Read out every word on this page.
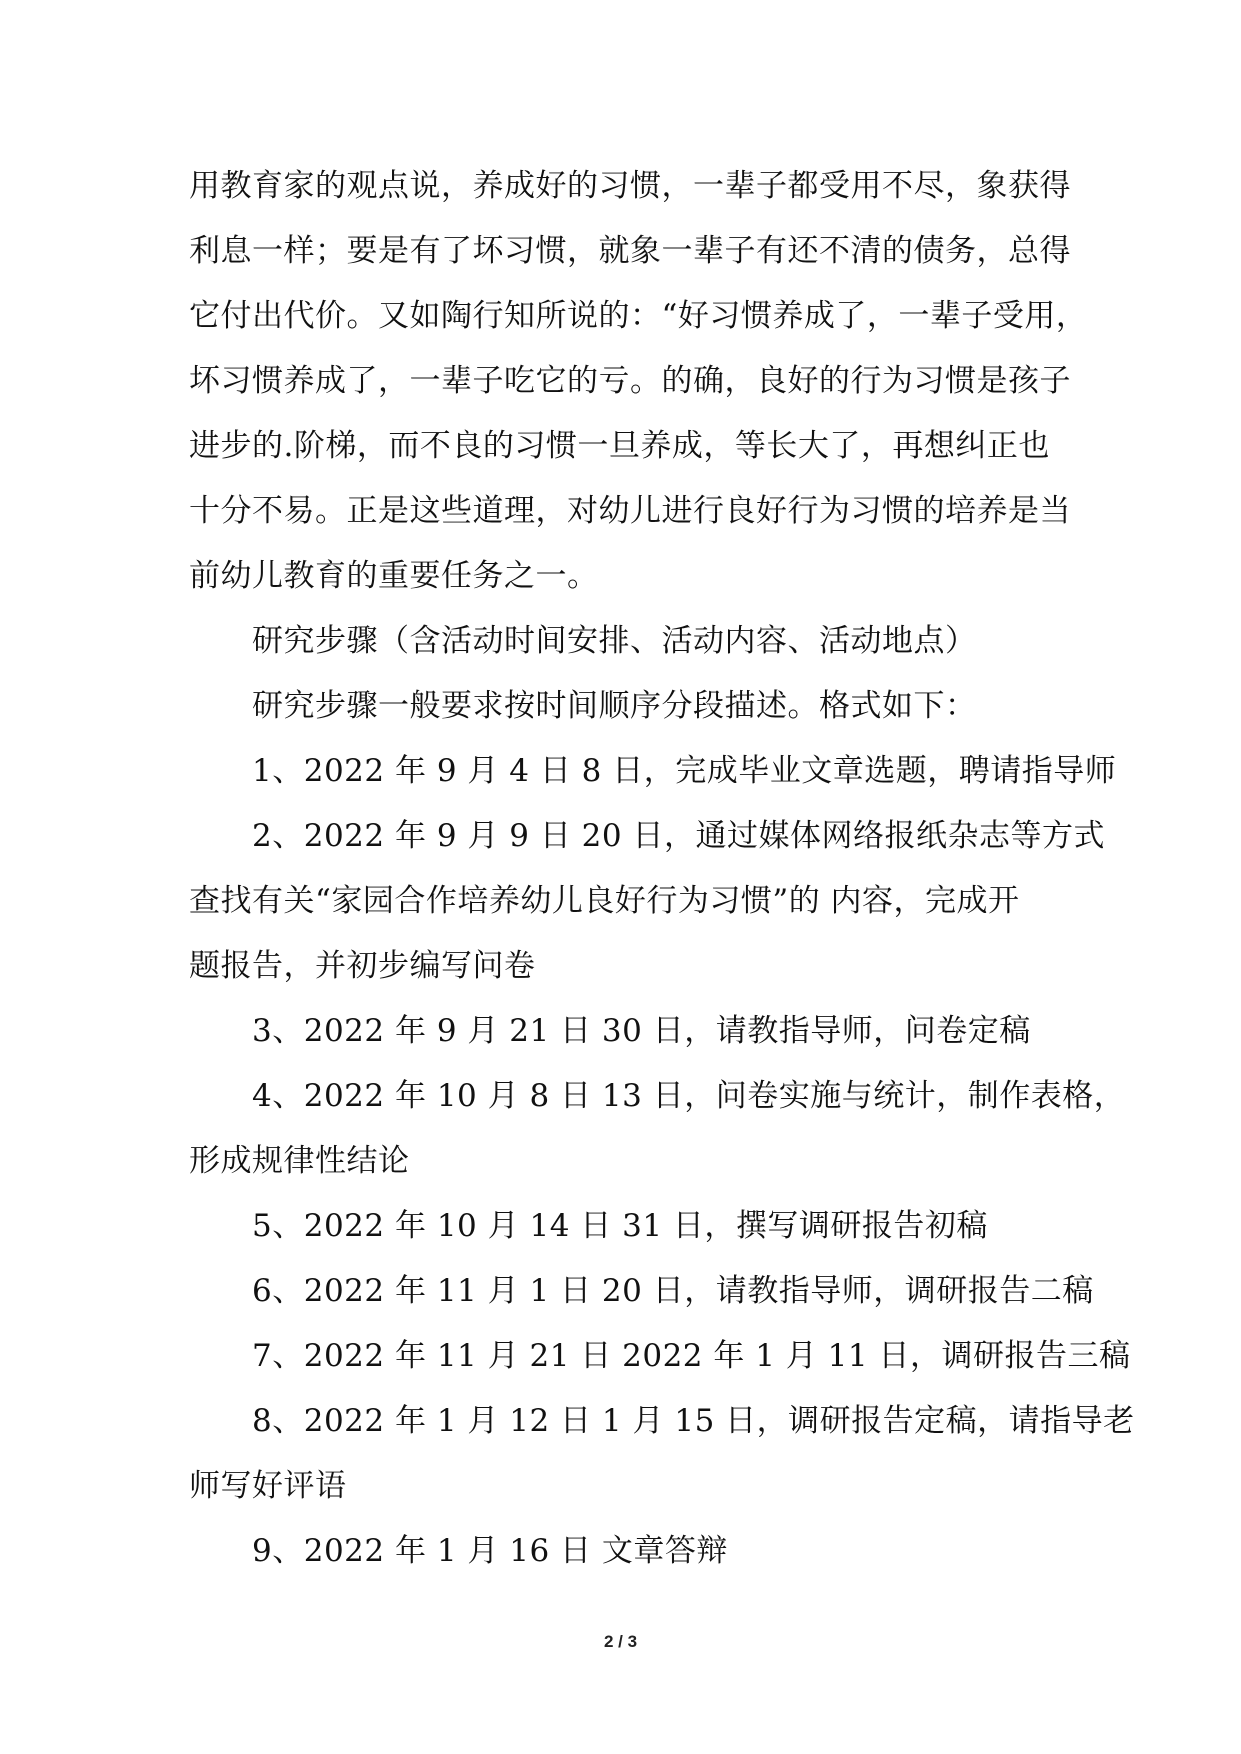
用教育家的观点说，养成好的习惯，一辈子都受用不尽，象获得
利息一样；要是有了坏习惯，就象一辈子有还不清的债务，总得
它付出代价。又如陶行知所说的：“好习惯养成了，一辈子受用，
坏习惯养成了，一辈子吃它的亏。的确，良好的行为习惯是孩子
进步的.阶梯，而不良的习惯一旦养成，等长大了，再想纠正也
十分不易。正是这些道理，对幼儿进行良好行为习惯的培养是当
前幼儿教育的重要任务之一。
研究步骤（含活动时间安排、活动内容、活动地点）
研究步骤一般要求按时间顺序分段描述。格式如下：
1、2022 年 9 月 4 日 8 日，完成毕业文章选题，聘请指导师
2、2022 年 9 月 9 日 20 日，通过媒体网络报纸杂志等方式
查找有关“家园合作培养幼儿良好行为习惯”的 内容，完成开
题报告，并初步编写问卷
3、2022 年 9 月 21 日 30 日，请教指导师，问卷定稿
4、2022 年 10 月 8 日 13 日，问卷实施与统计，制作表格，
形成规律性结论
5、2022 年 10 月 14 日 31 日，撰写调研报告初稿
6、2022 年 11 月 1 日 20 日，请教指导师，调研报告二稿
7、2022 年 11 月 21 日 2022 年 1 月 11 日，调研报告三稿
8、2022 年 1 月 12 日 1 月 15 日，调研报告定稿，请指导老
师写好评语
9、2022 年 1 月 16 日 文章答辩
2 / 3
